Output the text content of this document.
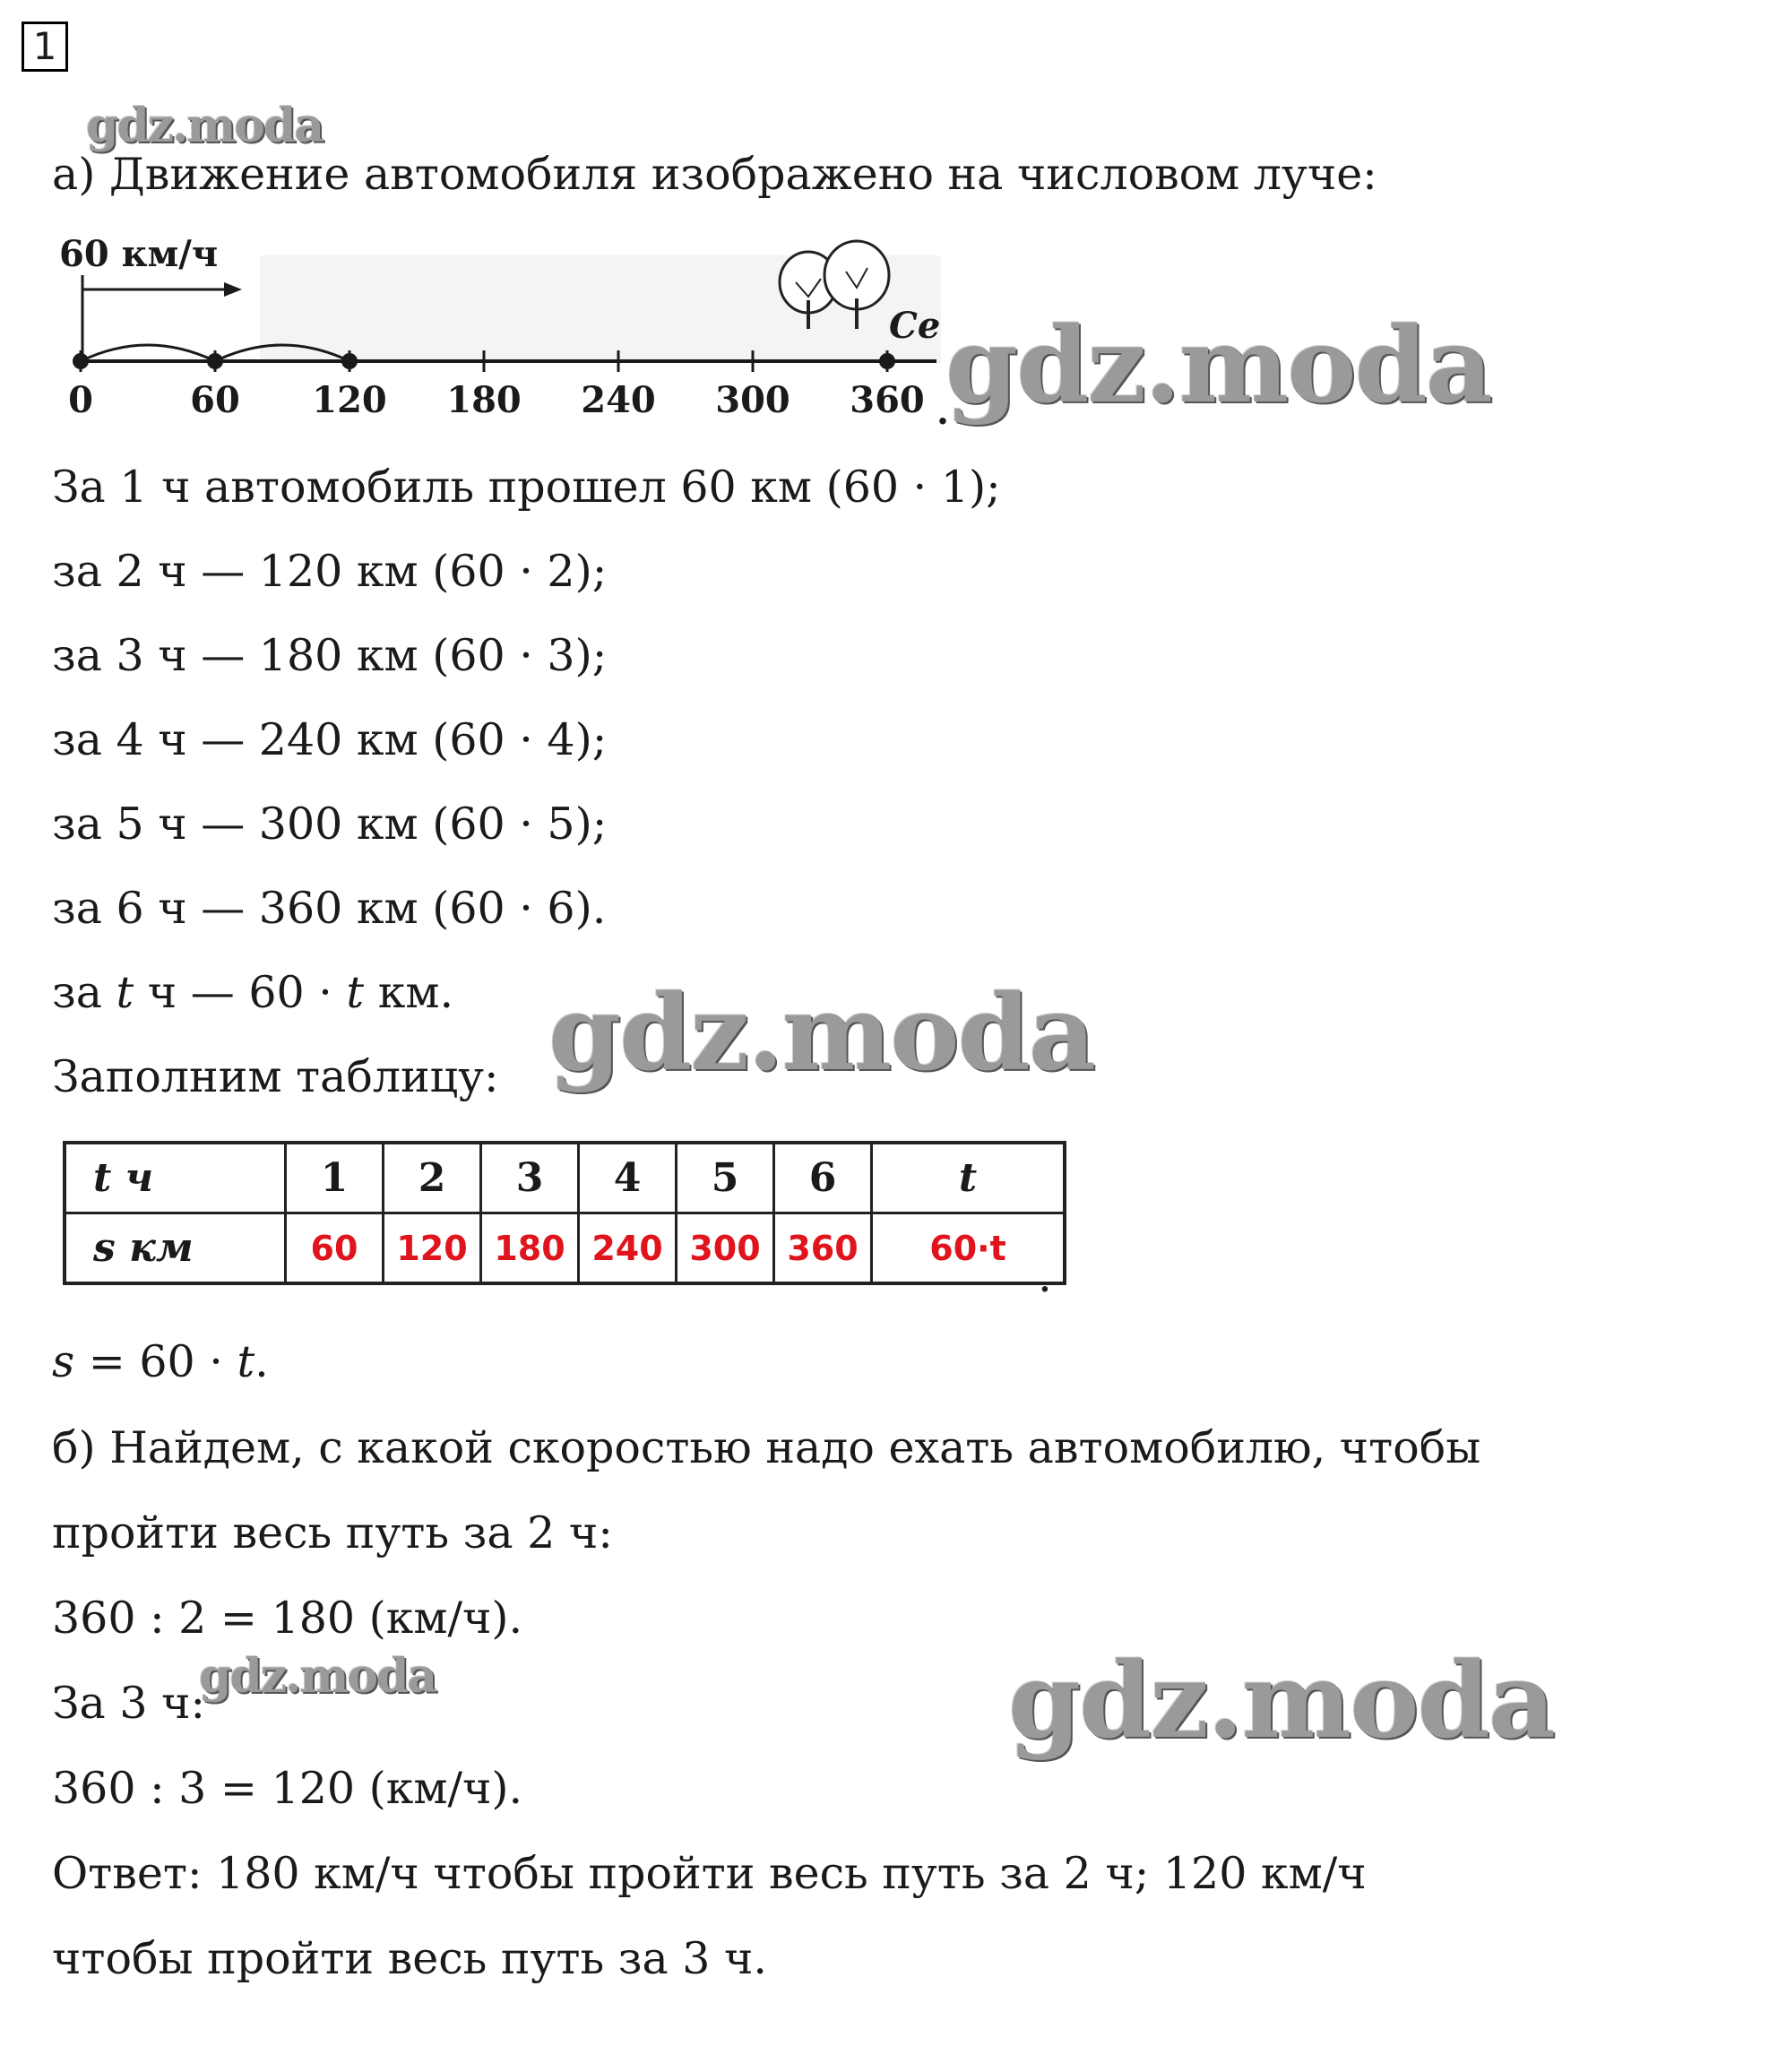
1
gdz.moda
gdz.moda
gdz.moda
gdz.moda	gdz.moda
а) Движение автомобиля изображено на числовом луче:
60 км/ч
Се
0	60 120 180 240 300 360 .
За 1 ч автомобиль прошел 60 км (60 · 1);
за 2 ч — 120 км (60 · 2);
за 3 ч — 180 км (60 · 3);
за 4 ч — 240 км (60 · 4);
за 5 ч — 300 км (60 · 5);
за 6 ч — 360 км (60 · 6).
за t ч — 60 · t км.
Заполним таблицу:
t ч	1	2	3	4	5	6	t
s км	60	120	180	240	300	360	60·t
.
s = 60 · t.
б) Найдем, с какой скоростью надо ехать автомобилю, чтобы
пройти весь путь за 2 ч:
360 : 2 = 180 (км/ч).
За 3 ч:
360 : 3 = 120 (км/ч).
Ответ: 180 км/ч чтобы пройти весь путь за 2 ч; 120 км/ч
чтобы пройти весь путь за 3 ч.
